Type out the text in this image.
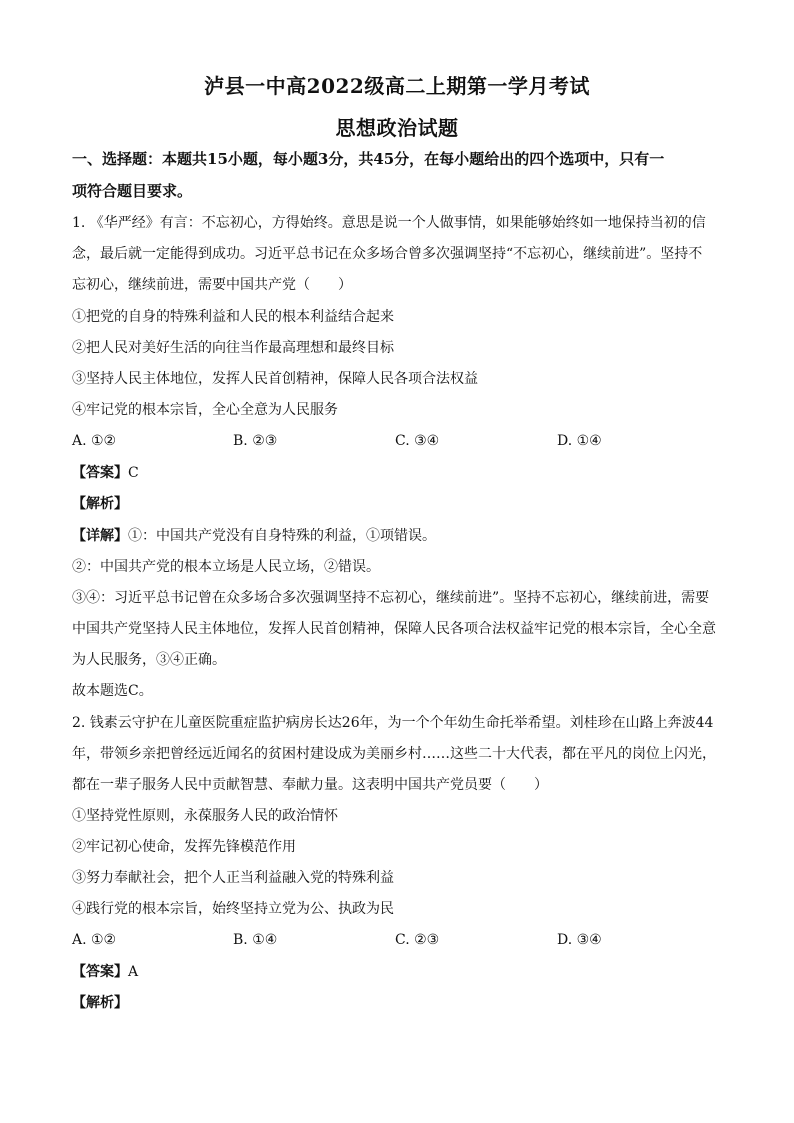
泸县一中高2022级高二上期第一学月考试
思想政治试题
一、选择题：本题共15小题，每小题3分，共45分，在每小题给出的四个选项中，只有一
项符合题目要求。
1. 《华严经》有言：不忘初心，方得始终。意思是说一个人做事情，如果能够始终如一地保持当初的信
念，最后就一定能得到成功。习近平总书记在众多场合曾多次强调坚持“不忘初心，继续前进”。坚持不
忘初心，继续前进，需要中国共产党（　　）
①把党的自身的特殊利益和人民的根本利益结合起来
②把人民对美好生活的向往当作最高理想和最终目标
③坚持人民主体地位，发挥人民首创精神，保障人民各项合法权益
④牢记党的根本宗旨，全心全意为人民服务
A. ①②	B. ②③	C. ③④	D. ①④
【答案】C
【解析】
【详解】①：中国共产党没有自身特殊的利益，①项错误。
②：中国共产党的根本立场是人民立场，②错误。
③④：习近平总书记曾在众多场合多次强调坚持不忘初心，继续前进”。坚持不忘初心，继续前进，需要
中国共产党坚持人民主体地位，发挥人民首创精神，保障人民各项合法权益牢记党的根本宗旨，全心全意
为人民服务，③④正确。
故本题选C。
2. 钱素云守护在儿童医院重症监护病房长达26年，为一个个年幼生命托举希望。刘桂珍在山路上奔波44
年，带领乡亲把曾经远近闻名的贫困村建设成为美丽乡村……这些二十大代表，都在平凡的岗位上闪光，
都在一辈子服务人民中贡献智慧、奉献力量。这表明中国共产党员要（　　）
①坚持党性原则，永葆服务人民的政治情怀
②牢记初心使命，发挥先锋模范作用
③努力奉献社会，把个人正当利益融入党的特殊利益
④践行党的根本宗旨，始终坚持立党为公、执政为民
A. ①②	B. ①④	C. ②③	D. ③④
【答案】A
【解析】
